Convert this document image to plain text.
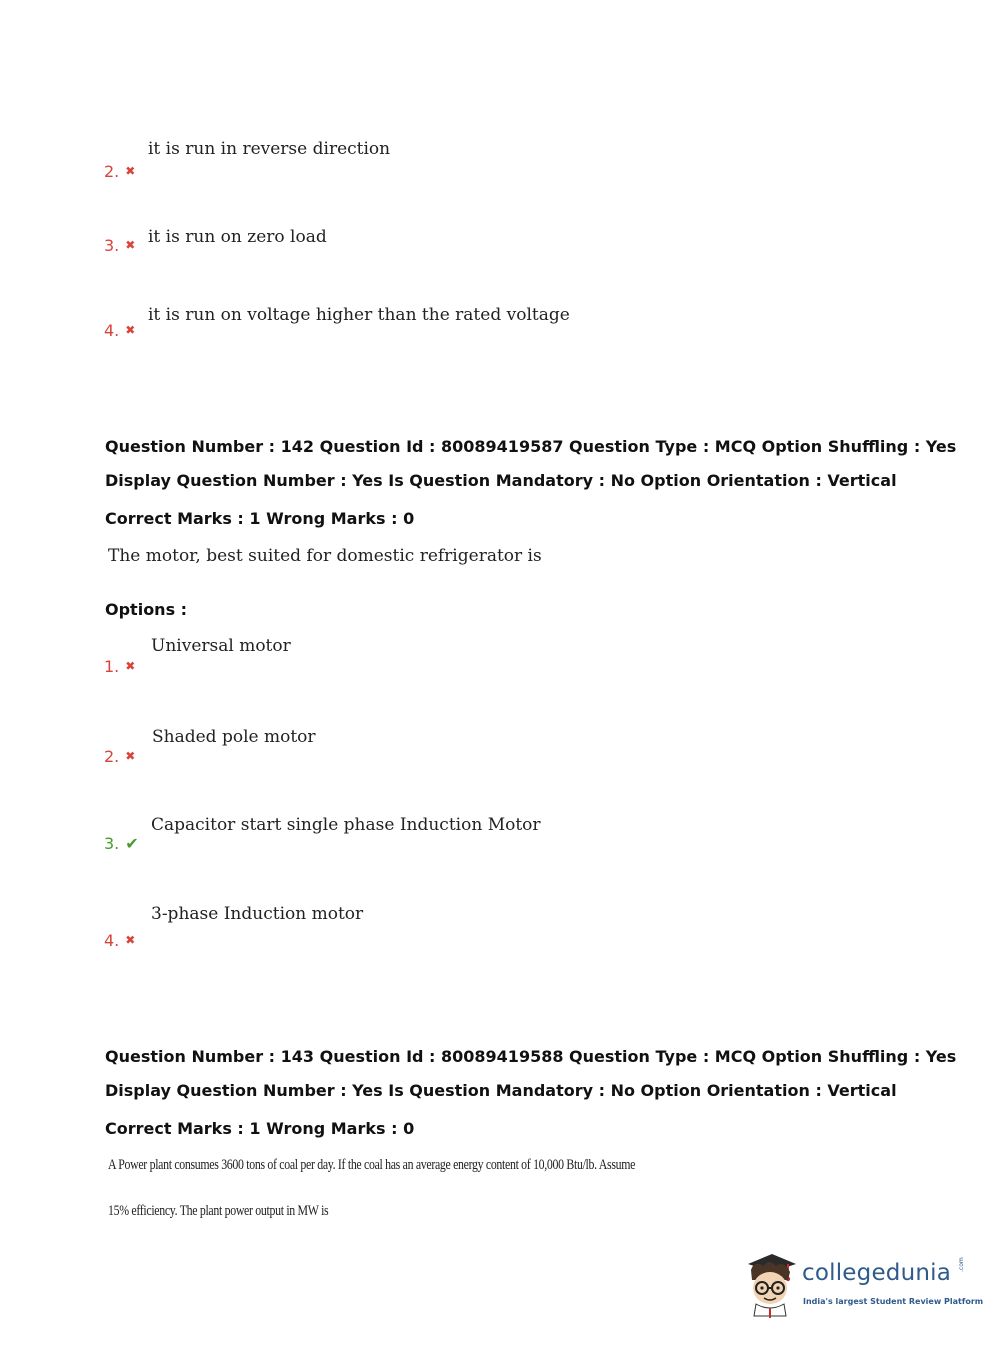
it is run in reverse direction
2. ✖
it is run on zero load
3. ✖
it is run on voltage higher than the rated voltage
4. ✖
Question Number : 142 Question Id : 80089419587 Question Type : MCQ Option Shuffling : Yes
Display Question Number : Yes Is Question Mandatory : No Option Orientation : Vertical
Correct Marks : 1 Wrong Marks : 0
The motor, best suited for domestic refrigerator is
Options :
Universal motor
1. ✖
Shaded pole motor
2. ✖
Capacitor start single phase Induction Motor
3. ✔
3-phase Induction motor
4. ✖
Question Number : 143 Question Id : 80089419588 Question Type : MCQ Option Shuffling : Yes
Display Question Number : Yes Is Question Mandatory : No Option Orientation : Vertical
Correct Marks : 1 Wrong Marks : 0
A Power plant consumes 3600 tons of coal per day. If the coal has an average energy content of 10,000 Btu/lb. Assume
15% efficiency. The plant power output in MW is
collegedunia .com
India's largest Student Review Platform
